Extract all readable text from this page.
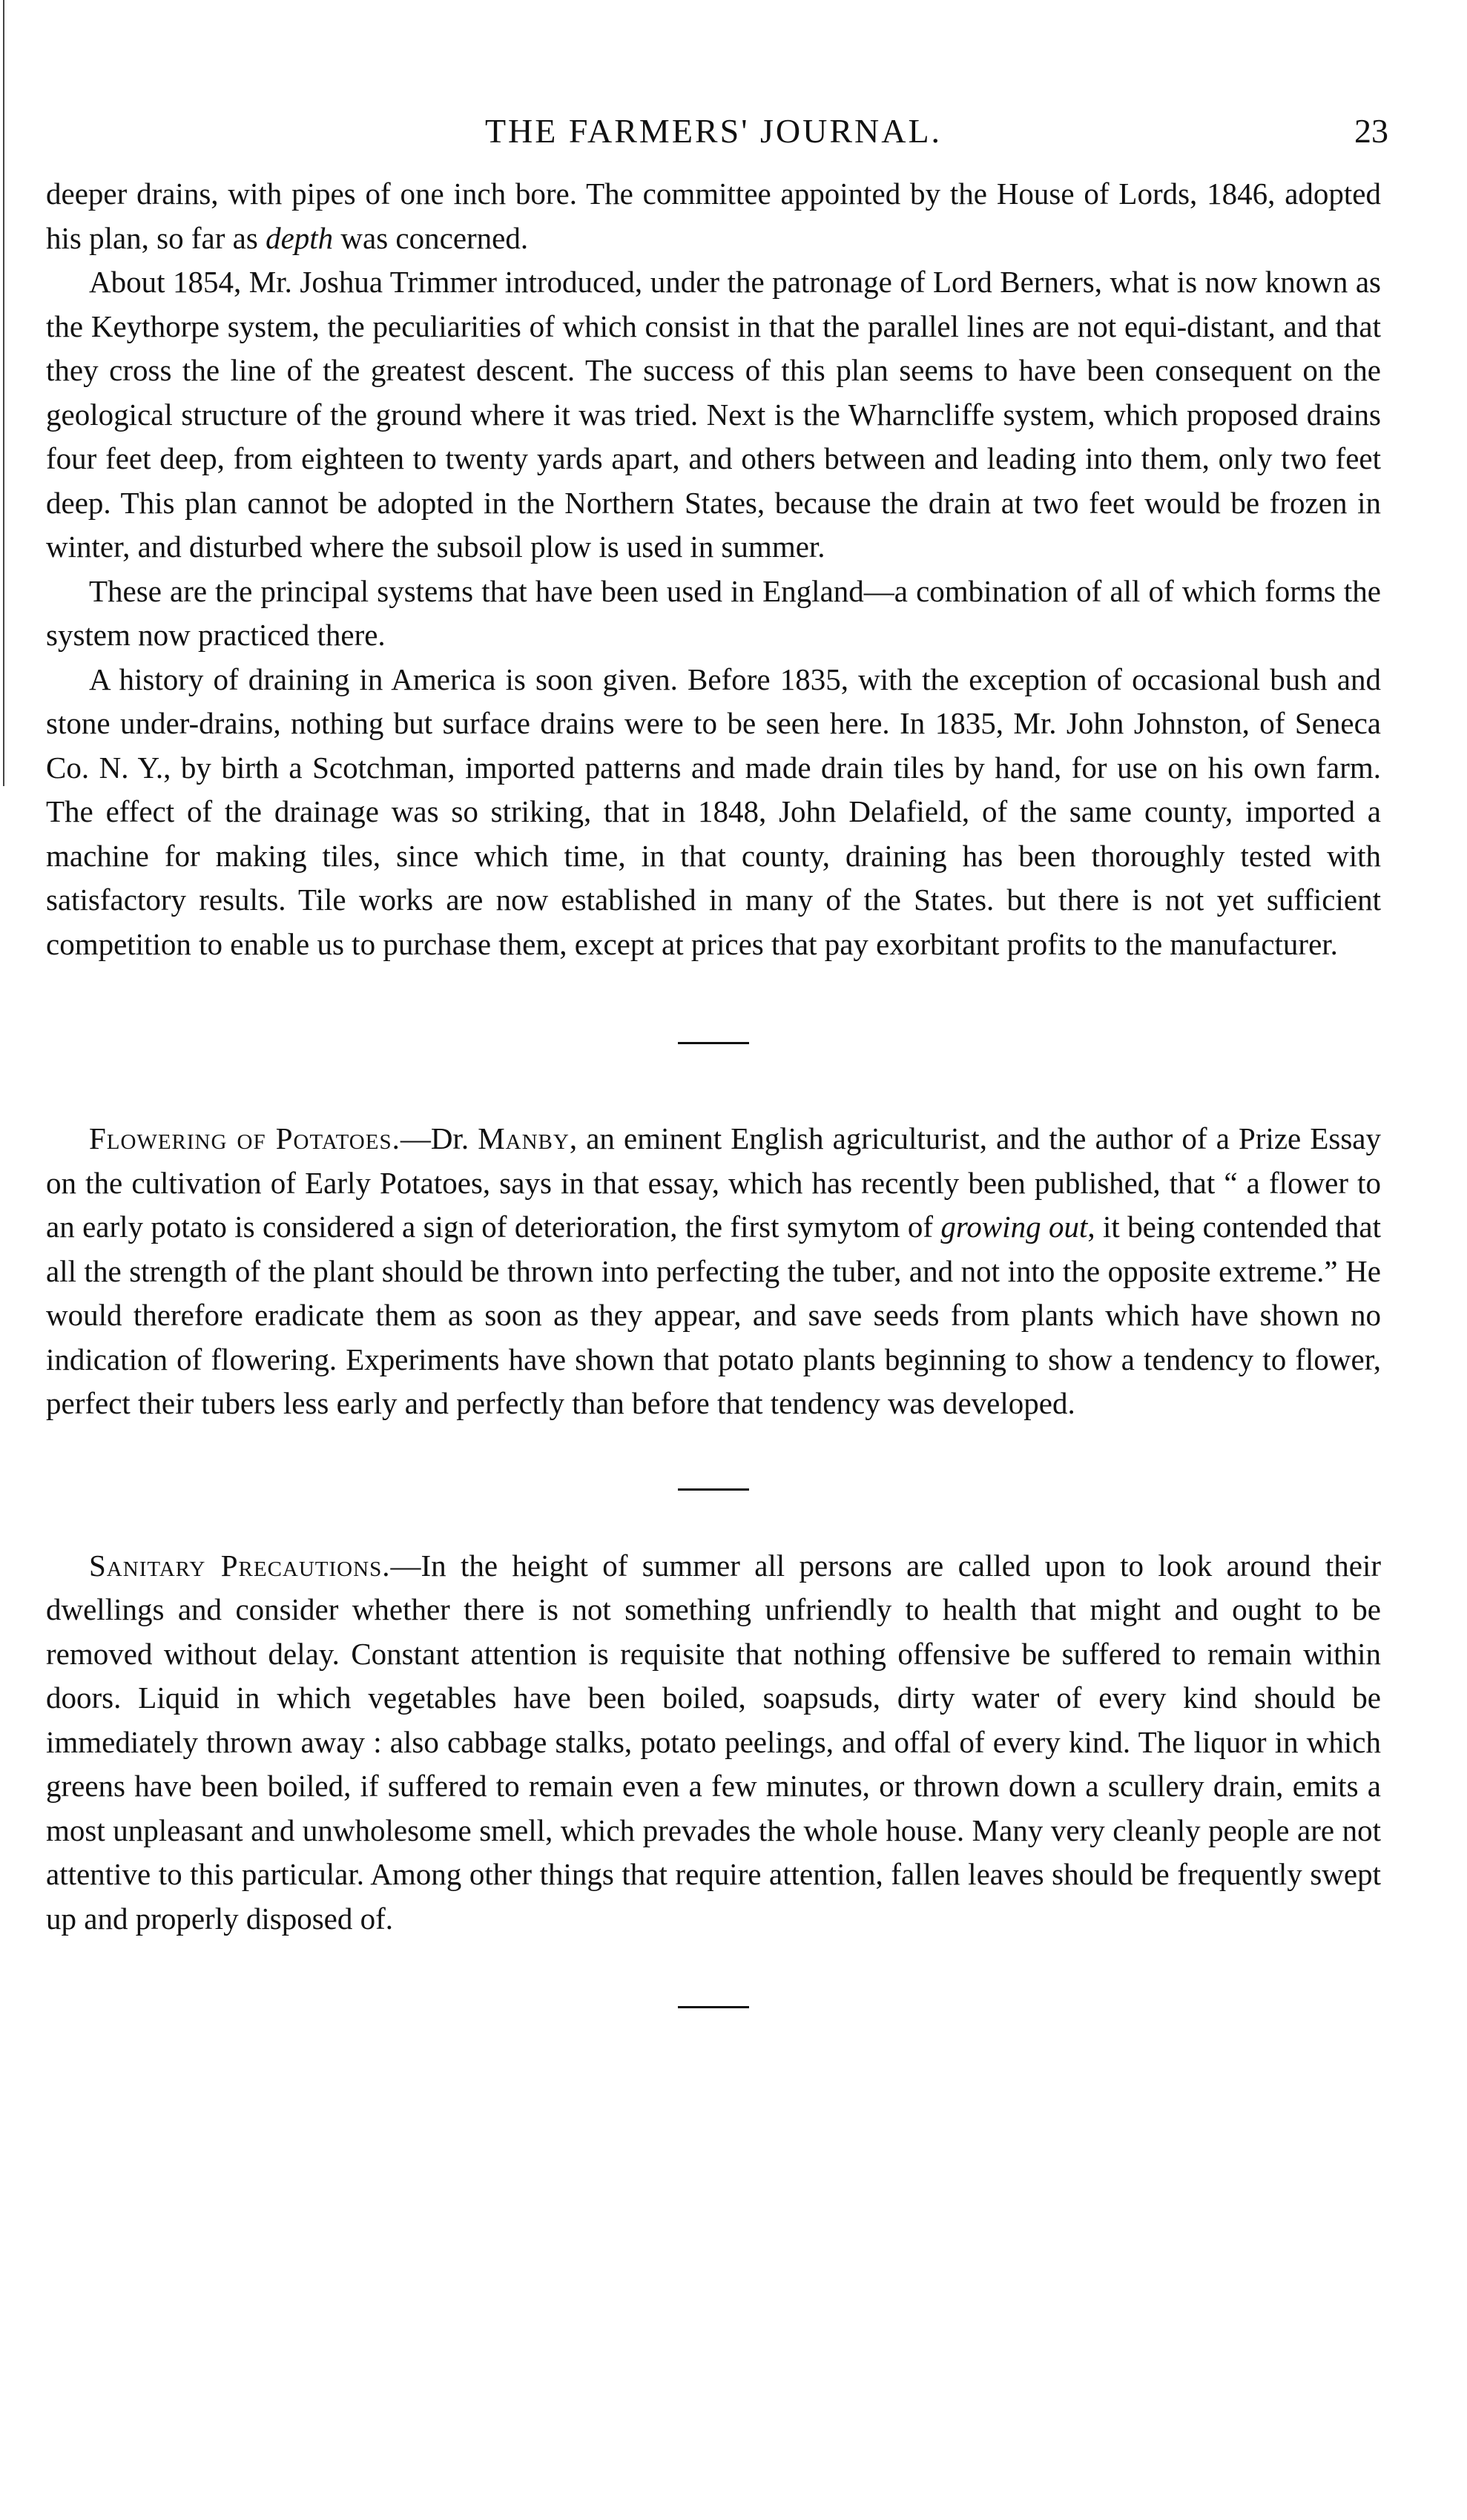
THE FARMERS' JOURNAL.	23

deeper drains, with pipes of one inch bore. The committee appointed by the House of Lords, 1846, adopted his plan, so far as depth was concerned.

About 1854, Mr. Joshua Trimmer introduced, under the patronage of Lord Berners, what is now known as the Keythorpe system, the peculiarities of which consist in that the parallel lines are not equi-distant, and that they cross the line of the greatest descent. The success of this plan seems to have been consequent on the geological structure of the ground where it was tried. Next is the Wharncliffe system, which proposed drains four feet deep, from eighteen to twenty yards apart, and others between and leading into them, only two feet deep. This plan cannot be adopted in the Northern States, because the drain at two feet would be frozen in winter, and disturbed where the subsoil plow is used in summer.

These are the principal systems that have been used in England—a combination of all of which forms the system now practiced there.

A history of draining in America is soon given. Before 1835, with the exception of occasional bush and stone under-drains, nothing but surface drains were to be seen here. In 1835, Mr. John Johnston, of Seneca Co. N. Y., by birth a Scotchman, imported patterns and made drain tiles by hand, for use on his own farm. The effect of the drainage was so striking, that in 1848, John Delafield, of the same county, imported a machine for making tiles, since which time, in that county, draining has been thoroughly tested with satisfactory results. Tile works are now established in many of the States. but there is not yet sufficient competition to enable us to purchase them, except at prices that pay exorbitant profits to the manufacturer.

Flowering of Potatoes.—Dr. Manby, an eminent English agriculturist, and the author of a Prize Essay on the cultivation of Early Potatoes, says in that essay, which has recently been published, that “ a flower to an early potato is considered a sign of deterioration, the first symytom of growing out, it being contended that all the strength of the plant should be thrown into perfecting the tuber, and not into the opposite extreme.” He would therefore eradicate them as soon as they appear, and save seeds from plants which have shown no indication of flowering. Experiments have shown that potato plants beginning to show a tendency to flower, perfect their tubers less early and perfectly than before that tendency was developed.

Sanitary Precautions.—In the height of summer all persons are called upon to look around their dwellings and consider whether there is not something unfriendly to health that might and ought to be removed without delay. Constant attention is requisite that nothing offensive be suffered to remain within doors. Liquid in which vegetables have been boiled, soapsuds, dirty water of every kind should be immediately thrown away : also cabbage stalks, potato peelings, and offal of every kind. The liquor in which greens have been boiled, if suffered to remain even a few minutes, or thrown down a scullery drain, emits a most unpleasant and unwholesome smell, which prevades the whole house. Many very cleanly people are not attentive to this particular. Among other things that require attention, fallen leaves should be frequently swept up and properly disposed of.
